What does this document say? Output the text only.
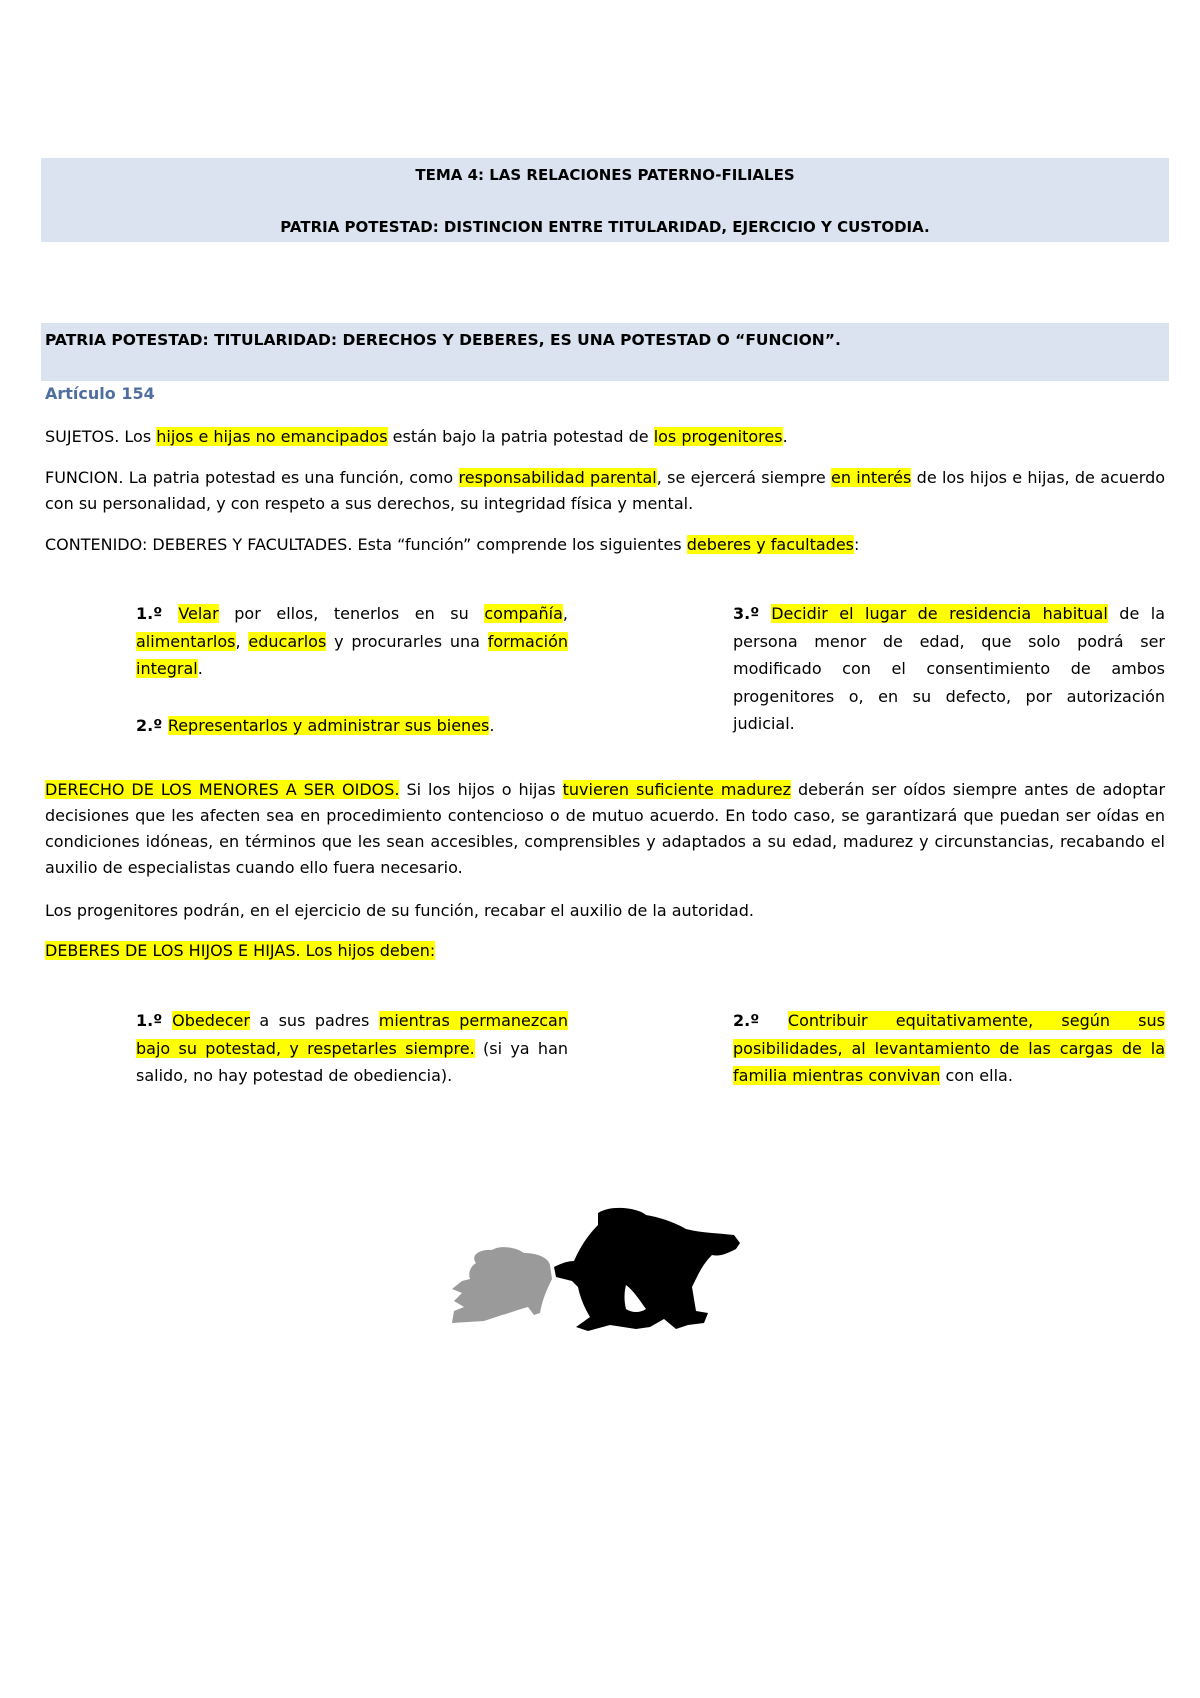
TEMA 4: LAS RELACIONES PATERNO-FILIALES
PATRIA POTESTAD: DISTINCION ENTRE TITULARIDAD, EJERCICIO Y CUSTODIA.
PATRIA POTESTAD: TITULARIDAD: DERECHOS Y DEBERES, ES UNA POTESTAD O “FUNCION”.
Artículo 154
SUJETOS. Los hijos e hijas no emancipados están bajo la patria potestad de los progenitores.
FUNCION. La patria potestad es una función, como responsabilidad parental, se ejercerá siempre en interés de los hijos e hijas, de acuerdo con su personalidad, y con respeto a sus derechos, su integridad física y mental.
CONTENIDO: DEBERES Y FACULTADES. Esta “función” comprende los siguientes deberes y facultades:
1.º Velar por ellos, tenerlos en su compañía, alimentarlos, educarlos y procurarles una formación integral.
2.º Representarlos y administrar sus bienes.
3.º Decidir el lugar de residencia habitual de la persona menor de edad, que solo podrá ser modificado con el consentimiento de ambos progenitores o, en su defecto, por autorización judicial.
DERECHO DE LOS MENORES A SER OIDOS. Si los hijos o hijas tuvieren suficiente madurez deberán ser oídos siempre antes de adoptar decisiones que les afecten sea en procedimiento contencioso o de mutuo acuerdo. En todo caso, se garantizará que puedan ser oídas en condiciones idóneas, en términos que les sean accesibles, comprensibles y adaptados a su edad, madurez y circunstancias, recabando el auxilio de especialistas cuando ello fuera necesario.
Los progenitores podrán, en el ejercicio de su función, recabar el auxilio de la autoridad.
DEBERES DE LOS HIJOS E HIJAS. Los hijos deben:
1.º Obedecer a sus padres mientras permanezcan bajo su potestad, y respetarles siempre. (si ya han salido, no hay potestad de obediencia).
2.º Contribuir equitativamente, según sus posibilidades, al levantamiento de las cargas de la familia mientras convivan con ella.
